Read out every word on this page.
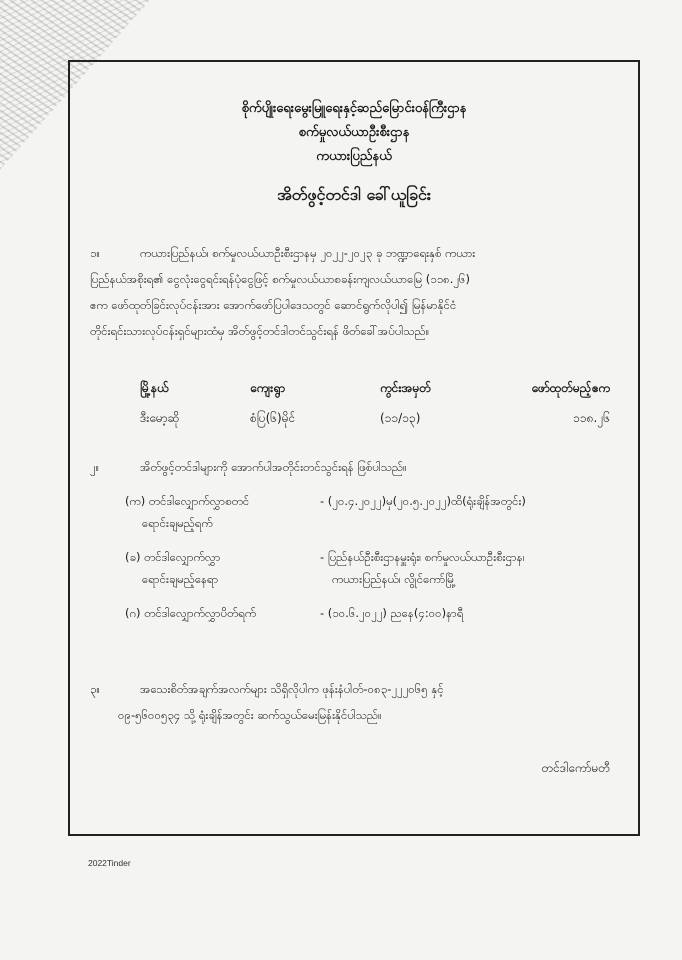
စိုက်ပျိုးရေးမွေးမြူရေးနှင့်ဆည်မြောင်းဝန်ကြီးဌာန
စက်မှုလယ်ယာဦးစီးဌာန
ကယားပြည်နယ်
အိတ်ဖွင့်တင်ဒါ ခေါ်ယူခြင်း
၁။	ကယားပြည်နယ်၊ စက်မှုလယ်ယာဦးစီးဌာနမှ ၂၀၂၂-၂၀၂၃ ခု ဘဏ္ဍာရေးနှစ် ကယား
ပြည်နယ်အစိုးရ၏ ငွေလုံးငွေရင်းရန်ပုံငွေဖြင့် စက်မှုလယ်ယာစခန်းကျလယ်ယာမြေ (၁၁၈.၂၆)
ဧက ဖော်ထုတ်ခြင်းလုပ်ငန်းအား အောက်ဖော်ပြပါဒေသတွင် ဆောင်ရွက်လိုပါ၍ မြန်မာနိုင်ငံ
တိုင်းရင်းသားလုပ်ငန်းရှင်များထံမှ အိတ်ဖွင့်တင်ဒါတင်သွင်းရန် ဖိတ်ခေါ်အပ်ပါသည်။
မြို့နယ်	ကျေးရွာ	ကွင်းအမှတ်	ဖော်ထုတ်မည့်ဧက
ဒီးမော့ဆို	စံပြ(၆)မိုင်	(၁၁/၁၃)	၁၁၈.၂၆
၂။	အိတ်ဖွင့်တင်ဒါများကို အောက်ပါအတိုင်းတင်သွင်းရန် ဖြစ်ပါသည်။
(က) တင်ဒါလျှောက်လွှာစတင်
ရောင်းချမည့်ရက်
- (၂၀.၄.၂၀၂၂)မှ(၂၀.၅.၂၀၂၂)ထိ(ရုံးချိန်အတွင်း)
(ခ) တင်ဒါလျှောက်လွှာ
ရောင်းချမည့်နေရာ
- ပြည်နယ်ဦးစီးဌာနမှူးရုံး၊ စက်မှုလယ်ယာဦးစီးဌာန၊
ကယားပြည်နယ်၊ လွိုင်ကော်မြို့
(ဂ) တင်ဒါလျှောက်လွှာပိတ်ရက်	- (၁၀.၆.၂၀၂၂) ညနေ(၄:၀၀)နာရီ
၃။	အသေးစိတ်အချက်အလက်များ သိရှိလိုပါက ဖုန်းနံပါတ်-၀၈၃-၂၂၂၀၆၅ နှင့်
၀၉-၅၆၀၀၅၃၄ သို့ ရုံးချိန်အတွင်း ဆက်သွယ်မေးမြန်းနိုင်ပါသည်။
တင်ဒါကော်မတီ
2022Tinder
